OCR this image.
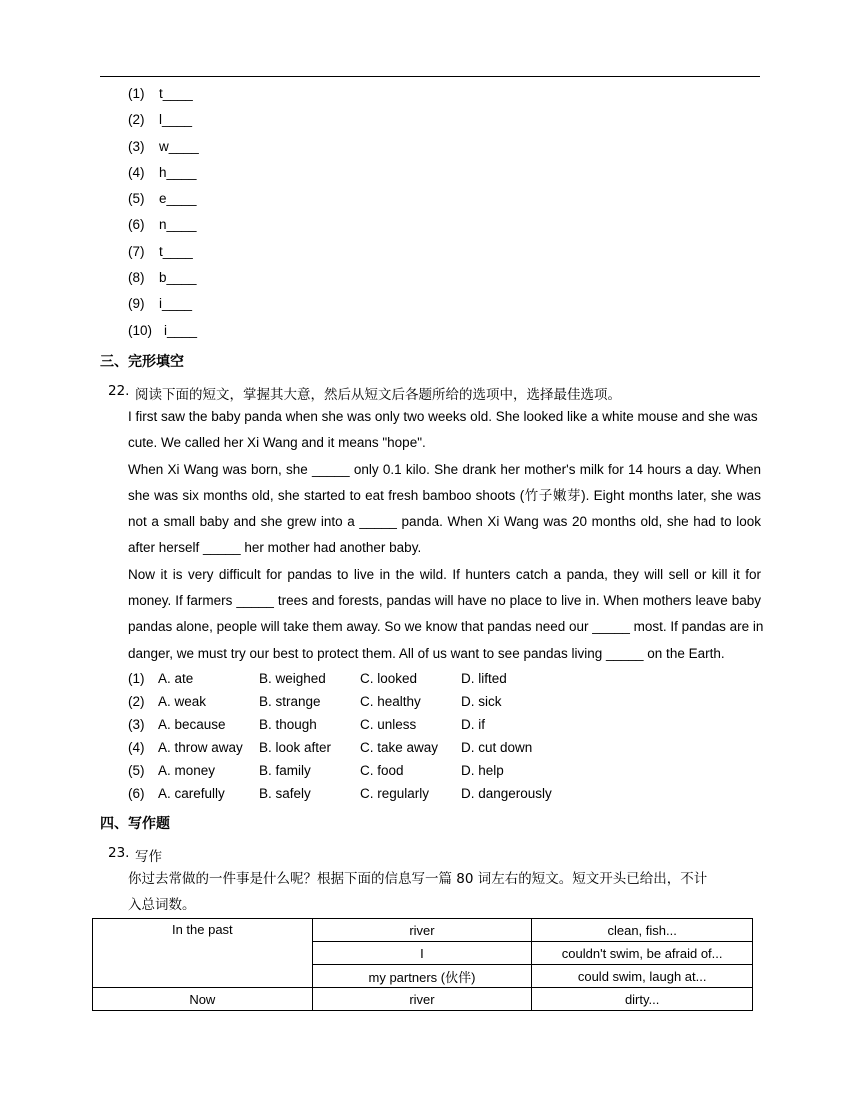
(1)	t____
(2)	l____
(3)	w____
(4)	h____
(5)	e____
(6)	n____
(7)	t____
(8)	b____
(9)	i____
(10) i____
三、完形填空
22. 阅读下面的短文，掌握其大意，然后从短文后各题所给的选项中，选择最佳选项。
I first saw the baby panda when she was only two weeks old. She looked like a white mouse and she was
cute. We called her Xi Wang and it means "hope".
When Xi Wang was born, she _____ only 0.1 kilo. She drank her mother's milk for 14 hours a day. When
she was six months old, she started to eat fresh bamboo shoots (竹子嫩芽). Eight months later, she was
not a small baby and she grew into a _____ panda. When Xi Wang was 20 months old, she had to look
after herself _____ her mother had another baby.
Now it is very difficult for pandas to live in the wild. If hunters catch a panda, they will sell or kill it for
money. If farmers _____ trees and forests, pandas will have no place to live in. When mothers leave baby
pandas alone, people will take them away. So we know that pandas need our _____ most. If pandas are in
danger, we must try our best to protect them. All of us want to see pandas living _____ on the Earth.
(1)	A. ate	B. weighed	C. looked	D. lifted
(2)	A. weak	B. strange	C. healthy	D. sick
(3)	A. because	B. though	C. unless	D. if
(4)	A. throw away	B. look after	C. take away	D. cut down
(5)	A. money	B. family	C. food	D. help
(6)	A. carefully	B. safely	C. regularly	D. dangerously
四、写作题
23. 写作
你过去常做的一件事是什么呢？根据下面的信息写一篇 80 词左右的短文。短文开头已给出，不计
入总词数。
In the past	river	clean, fish...
	I	couldn't swim, be afraid of...
	my partners (伙伴)	could swim, laugh at...
Now	river	dirty...
